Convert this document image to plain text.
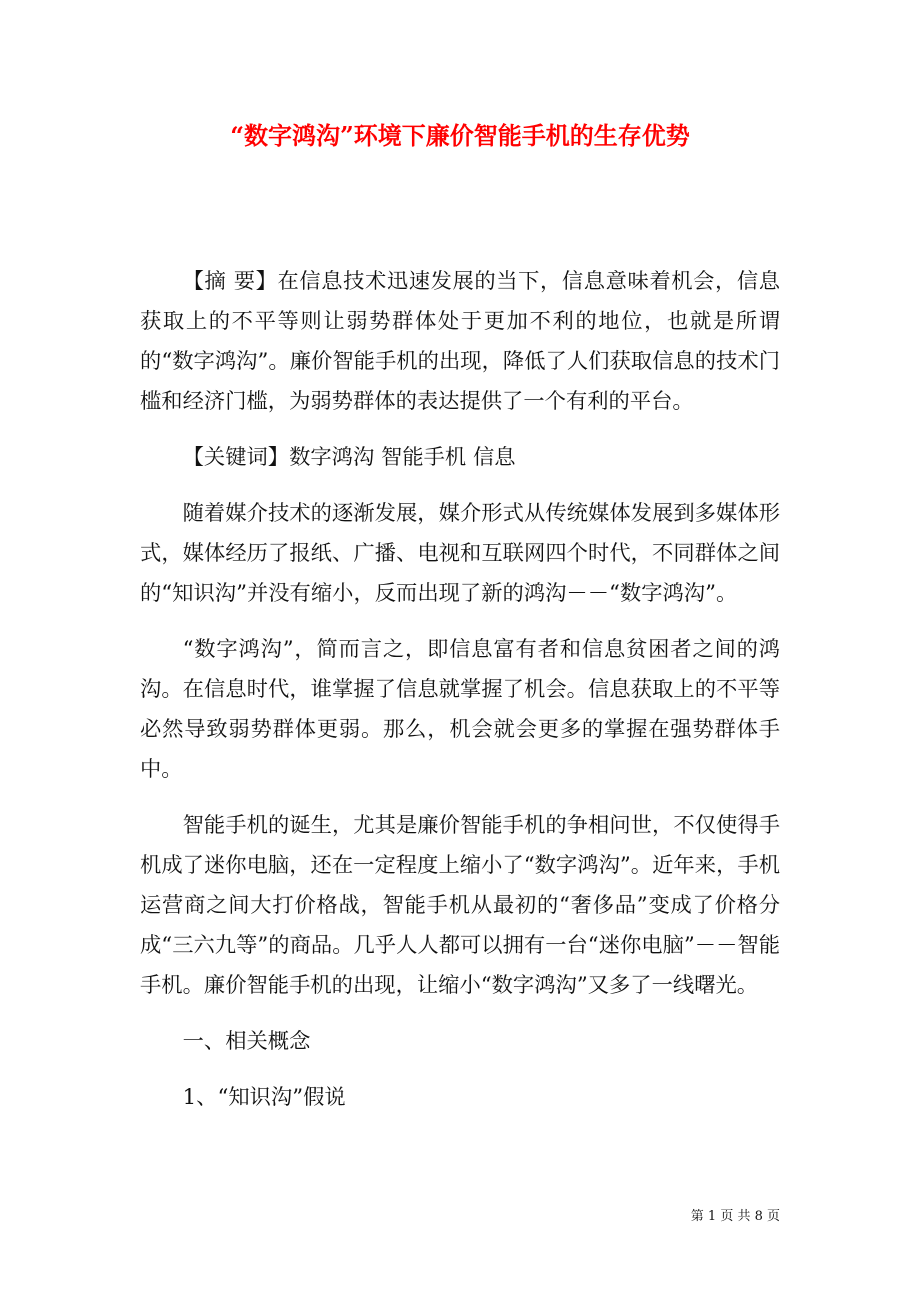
“数字鸿沟”环境下廉价智能手机的生存优势

【摘 要】在信息技术迅速发展的当下，信息意味着机会，信息获取上的不平等则让弱势群体处于更加不利的地位，也就是所谓的“数字鸿沟”。廉价智能手机的出现，降低了人们获取信息的技术门槛和经济门槛，为弱势群体的表达提供了一个有利的平台。

【关键词】数字鸿沟 智能手机 信息

随着媒介技术的逐渐发展，媒介形式从传统媒体发展到多媒体形式，媒体经历了报纸、广播、电视和互联网四个时代，不同群体之间的“知识沟”并没有缩小，反而出现了新的鸿沟－－“数字鸿沟”。

“数字鸿沟”，简而言之，即信息富有者和信息贫困者之间的鸿沟。在信息时代，谁掌握了信息就掌握了机会。信息获取上的不平等必然导致弱势群体更弱。那么，机会就会更多的掌握在强势群体手中。

智能手机的诞生，尤其是廉价智能手机的争相问世，不仅使得手机成了迷你电脑，还在一定程度上缩小了“数字鸿沟”。近年来，手机运营商之间大打价格战，智能手机从最初的“奢侈品”变成了价格分成“三六九等”的商品。几乎人人都可以拥有一台“迷你电脑”－－智能手机。廉价智能手机的出现，让缩小“数字鸿沟”又多了一线曙光。

一、相关概念

1、“知识沟”假说

第 1 页 共 8 页
